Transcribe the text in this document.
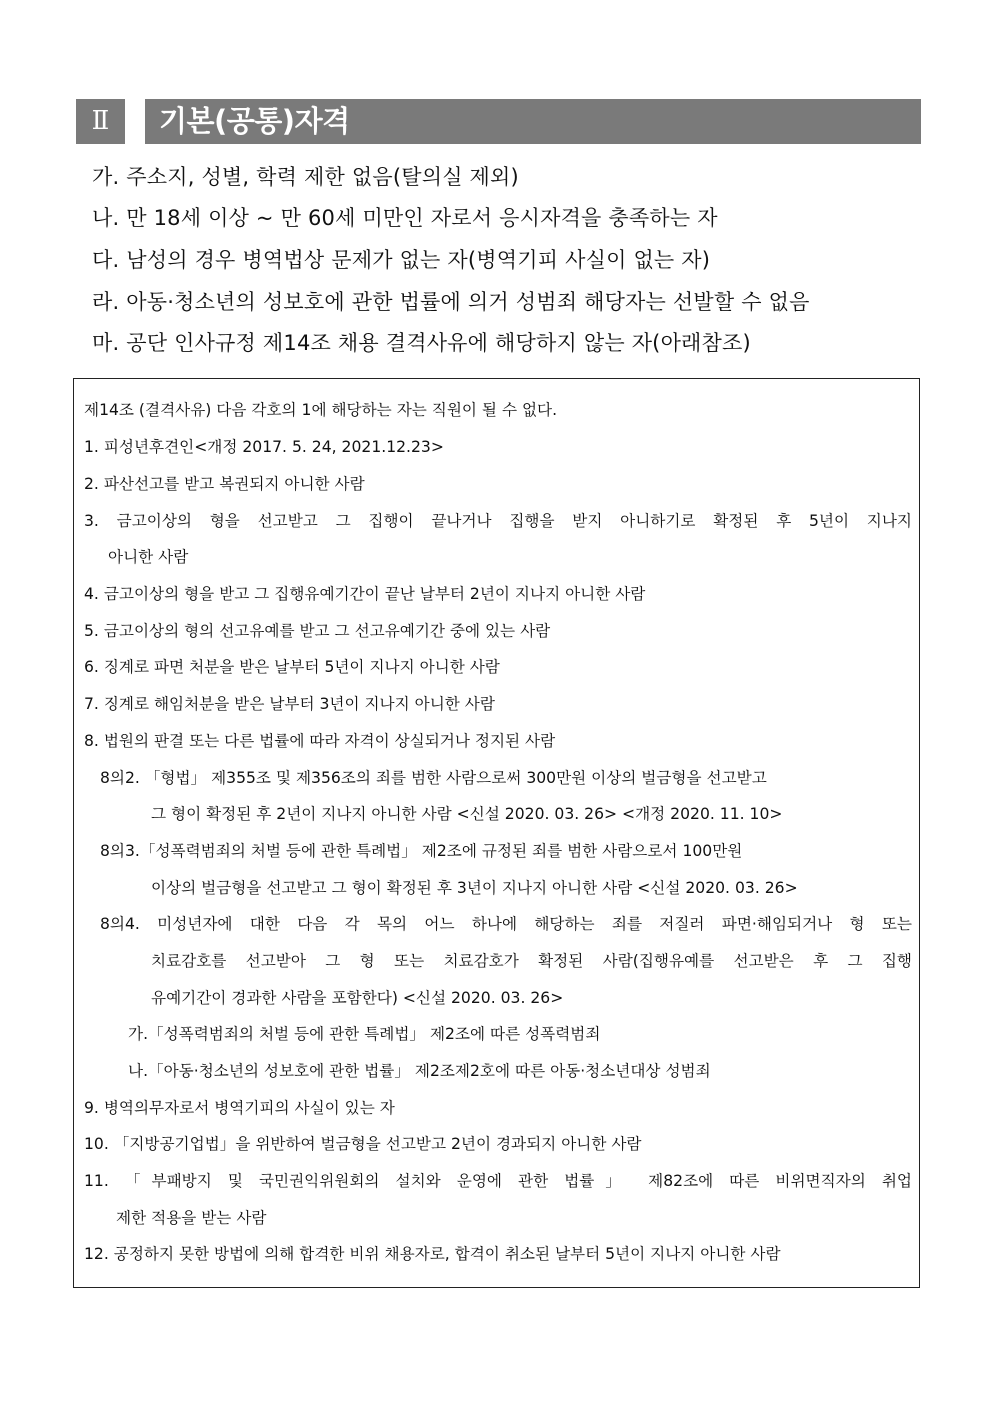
Ⅱ	기본(공통)자격
가. 주소지, 성별, 학력 제한 없음(탈의실 제외)
나. 만 18세 이상 ~ 만 60세 미만인 자로서 응시자격을 충족하는 자
다. 남성의 경우 병역법상 문제가 없는 자(병역기피 사실이 없는 자)
라. 아동·청소년의 성보호에 관한 법률에 의거 성범죄 해당자는 선발할 수 없음
마. 공단 인사규정 제14조 채용 결격사유에 해당하지 않는 자(아래참조)
제14조 (결격사유) 다음 각호의 1에 해당하는 자는 직원이 될 수 없다.
1. 피성년후견인<개정 2017. 5. 24, 2021.12.23>
2. 파산선고를 받고 복권되지 아니한 사람
3. 금고이상의 형을 선고받고 그 집행이 끝나거나 집행을 받지 아니하기로 확정된 후 5년이 지나지
아니한 사람
4. 금고이상의 형을 받고 그 집행유예기간이 끝난 날부터 2년이 지나지 아니한 사람
5. 금고이상의 형의 선고유예를 받고 그 선고유예기간 중에 있는 사람
6. 징계로 파면 처분을 받은 날부터 5년이 지나지 아니한 사람
7. 징계로 해임처분을 받은 날부터 3년이 지나지 아니한 사람
8. 법원의 판결 또는 다른 법률에 따라 자격이 상실되거나 정지된 사람
8의2. 「형법」 제355조 및 제356조의 죄를 범한 사람으로써 300만원 이상의 벌금형을 선고받고
그 형이 확정된 후 2년이 지나지 아니한 사람 <신설 2020. 03. 26> <개정 2020. 11. 10>
8의3.「성폭력범죄의 처벌 등에 관한 특례법」 제2조에 규정된 죄를 범한 사람으로서 100만원
이상의 벌금형을 선고받고 그 형이 확정된 후 3년이 지나지 아니한 사람 <신설 2020. 03. 26>
8의4. 미성년자에 대한 다음 각 목의 어느 하나에 해당하는 죄를 저질러 파면·해임되거나 형 또는
치료감호를 선고받아 그 형 또는 치료감호가 확정된 사람(집행유예를 선고받은 후 그 집행
유예기간이 경과한 사람을 포함한다) <신설 2020. 03. 26>
가.「성폭력범죄의 처벌 등에 관한 특례법」 제2조에 따른 성폭력범죄
나.「아동·청소년의 성보호에 관한 법률」 제2조제2호에 따른 아동·청소년대상 성범죄
9. 병역의무자로서 병역기피의 사실이 있는 자
10. 「지방공기업법」을 위반하여 벌금형을 선고받고 2년이 경과되지 아니한 사람
11. 「부패방지 및 국민권익위원회의 설치와 운영에 관한 법률」 제82조에 따른 비위면직자의 취업
제한 적용을 받는 사람
12. 공정하지 못한 방법에 의해 합격한 비위 채용자로, 합격이 취소된 날부터 5년이 지나지 아니한 사람
